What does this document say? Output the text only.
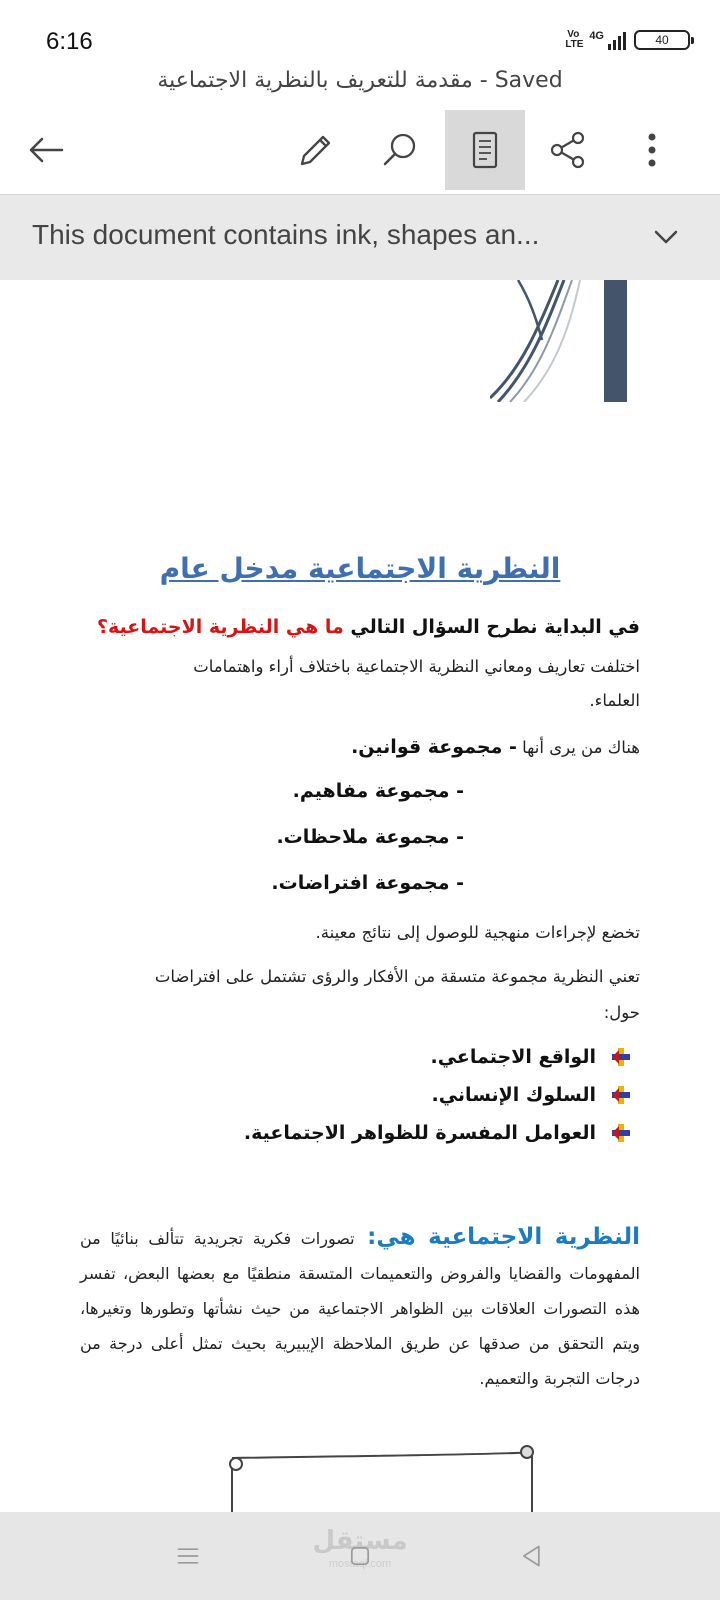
6:16	Vo LTE
4G	40
مقدمة للتعريف بالنظرية الاجتماعية - Saved
This document contains ink, shapes an...
النظرية الاجتماعية مدخل عام
في البداية نطرح السؤال التالي ما هي النظرية الاجتماعية؟
اختلفت تعاريف ومعاني النظرية الاجتماعية باختلاف أراء واهتمامات
العلماء.
هناك من يرى أنها - مجموعة قوانين.
- مجموعة مفاهيم.
- مجموعة ملاحظات.
- مجموعة افتراضات.
تخضع لإجراءات منهجية للوصول إلى نتائج معينة.
تعني النظرية مجموعة متسقة من الأفكار والرؤى تشتمل على افتراضات
حول:
الواقع الاجتماعي.
السلوك الإنساني.
العوامل المفسرة للظواهر الاجتماعية.
النظرية الاجتماعية هي: تصورات فكرية تجريدية تتألف بنائيًا من المفهومات والقضايا والفروض والتعميمات المتسقة منطقيًا مع بعضها البعض، تفسر هذه التصورات العلاقات بين الظواهر الاجتماعية من حيث نشأتها وتطورها وتغيرها، ويتم التحقق من صدقها عن طريق الملاحظة الإيبيرية بحيث تمثل أعلى درجة من درجات التجربة والتعميم.
مستقل
mostaql.com
